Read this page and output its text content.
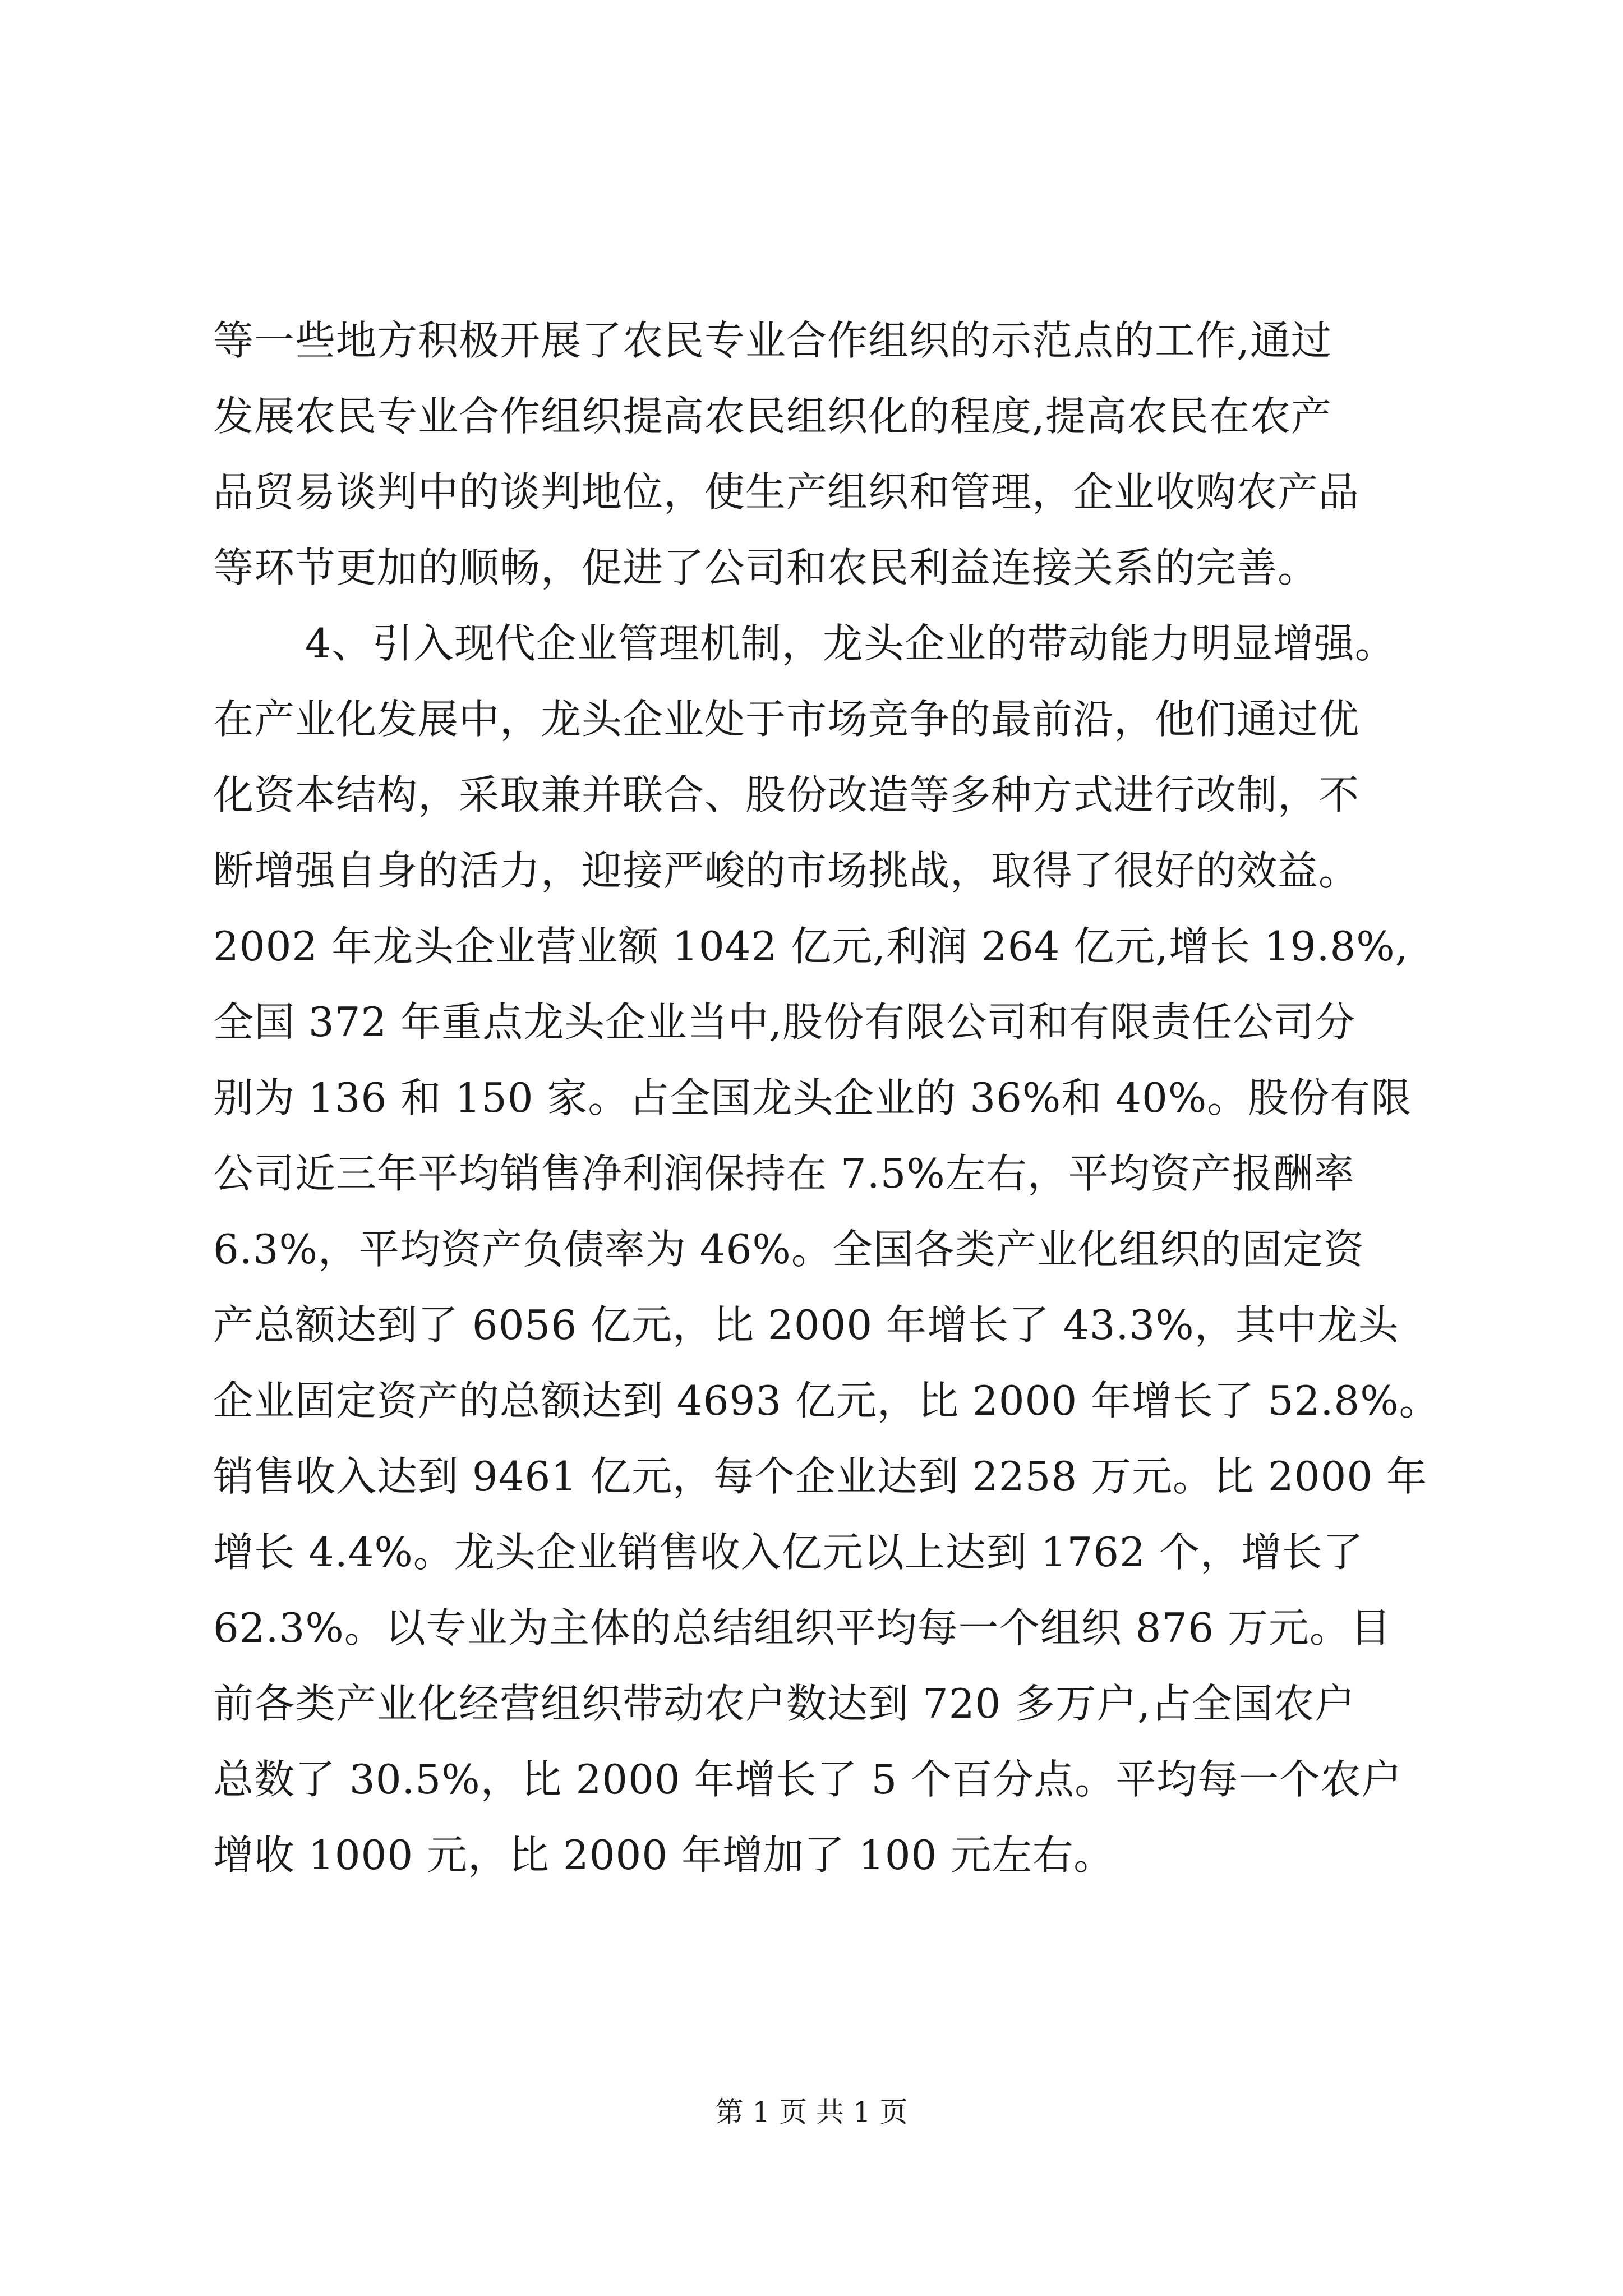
等一些地方积极开展了农民专业合作组织的示范点的工作,通过
发展农民专业合作组织提高农民组织化的程度,提高农民在农产
品贸易谈判中的谈判地位，使生产组织和管理，企业收购农产品
等环节更加的顺畅，促进了公司和农民利益连接关系的完善。
4、引入现代企业管理机制，龙头企业的带动能力明显增强。
在产业化发展中，龙头企业处于市场竞争的最前沿，他们通过优
化资本结构，采取兼并联合、股份改造等多种方式进行改制，不
断增强自身的活力，迎接严峻的市场挑战，取得了很好的效益。
2002 年龙头企业营业额 1042 亿元,利润 264 亿元,增长 19.8%,
全国 372 年重点龙头企业当中,股份有限公司和有限责任公司分
别为 136 和 150 家。占全国龙头企业的 36%和 40%。股份有限
公司近三年平均销售净利润保持在 7.5%左右，平均资产报酬率
6.3%，平均资产负债率为 46%。全国各类产业化组织的固定资
产总额达到了 6056 亿元，比 2000 年增长了 43.3%，其中龙头
企业固定资产的总额达到 4693 亿元，比 2000 年增长了 52.8%。
销售收入达到 9461 亿元，每个企业达到 2258 万元。比 2000 年
增长 4.4%。龙头企业销售收入亿元以上达到 1762 个，增长了
62.3%。以专业为主体的总结组织平均每一个组织 876 万元。目
前各类产业化经营组织带动农户数达到 720 多万户,占全国农户
总数了 30.5%，比 2000 年增长了 5 个百分点。平均每一个农户
增收 1000 元，比 2000 年增加了 100 元左右。
第 1 页 共 1 页
